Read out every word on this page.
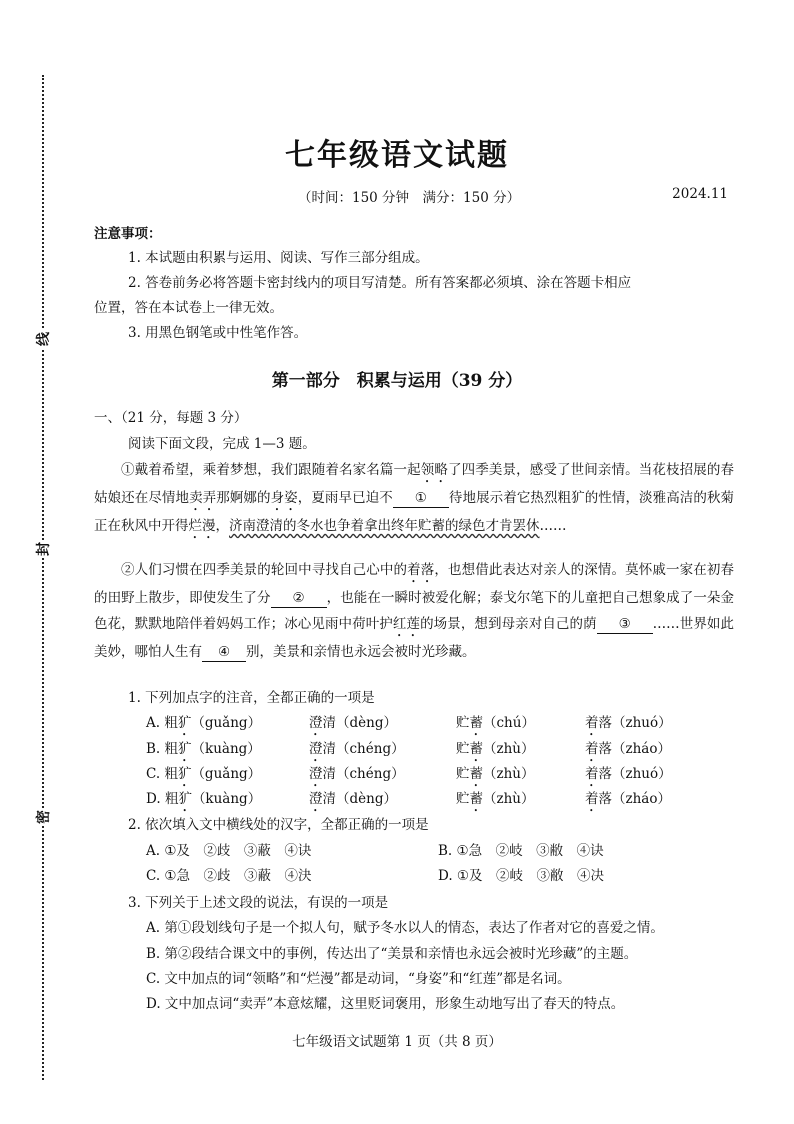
线
封
密
七年级语文试题
（时间：150 分钟　满分：150 分）	2024.11
注意事项：
1. 本试题由积累与运用、阅读、写作三部分组成。
2. 答卷前务必将答题卡密封线内的项目写清楚。所有答案都必须填、涂在答题卡相应
位置，答在本试卷上一律无效。
3. 用黑色钢笔或中性笔作答。
第一部分　积累与运用（39 分）
一、（21 分，每题 3 分）
阅读下面文段，完成 1—3 题。
①戴着希望，乘着梦想，我们跟随着名家名篇一起领略了四季美景，感受了世间亲情。当花枝招展的春姑娘还在尽情地卖弄那婀娜的身姿，夏雨早已迫不 ① 待地展示着它热烈粗犷的性情，淡雅高洁的秋菊正在秋风中开得烂漫，济南澄清的冬水也争着拿出终年贮蓄的绿色才肯罢休……
②人们习惯在四季美景的轮回中寻找自己心中的着落，也想借此表达对亲人的深情。莫怀戚一家在初春的田野上散步，即使发生了分 ② ，也能在一瞬时被爱化解；泰戈尔笔下的儿童把自己想象成了一朵金色花，默默地陪伴着妈妈工作；冰心见雨中荷叶护红莲的场景，想到母亲对自己的荫 ③ ……世界如此美妙，哪怕人生有 ④ 别，美景和亲情也永远会被时光珍藏。
1. 下列加点字的注音，全都正确的一项是
A. 粗犷（guǎng）	澄清（dèng）	贮蓄（chú）	着落（zhuó）
B. 粗犷（kuàng）	澄清（chéng）	贮蓄（zhù）	着落（zháo）
C. 粗犷（guǎng）	澄清（chéng）	贮蓄（zhù）	着落（zhuó）
D. 粗犷（kuàng）	澄清（dèng）	贮蓄（zhù）	着落（zháo）
2. 依次填入文中横线处的汉字，全都正确的一项是
A. ①及　②歧　③蔽　④诀	B. ①急　②岐　③敝　④诀
C. ①急　②歧　③蔽　④決	D. ①及　②岐　③敝　④决
3. 下列关于上述文段的说法，有误的一项是
A. 第①段划线句子是一个拟人句，赋予冬水以人的情态，表达了作者对它的喜爱之情。
B. 第②段结合课文中的事例，传达出了“美景和亲情也永远会被时光珍藏”的主题。
C. 文中加点的词“领略”和“烂漫”都是动词，“身姿”和“红莲”都是名词。
D. 文中加点词“卖弄”本意炫耀，这里贬词褒用，形象生动地写出了春天的特点。
七年级语文试题第 1 页（共 8 页）
